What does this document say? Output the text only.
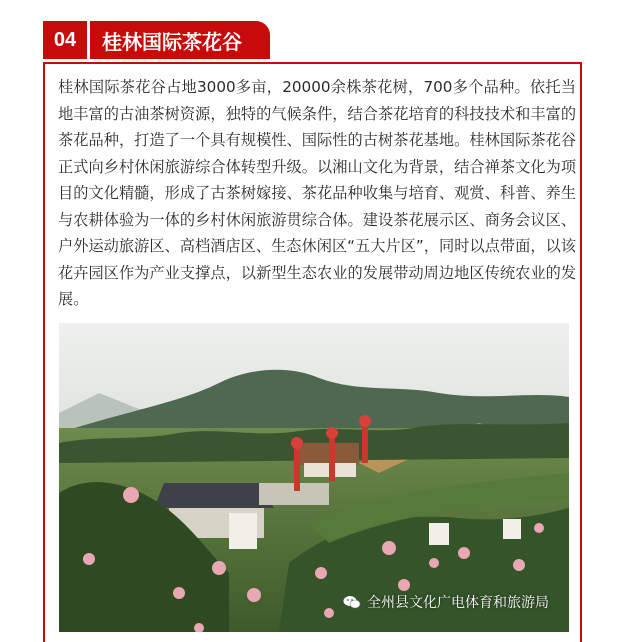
04	桂林国际茶花谷

桂林国际茶花谷占地3000多亩，20000余株茶花树，700多个品种。依托当地丰富的古油茶树资源，独特的气候条件，结合茶花培育的科技技术和丰富的茶花品种，打造了一个具有规模性、国际性的古树茶花基地。桂林国际茶花谷正式向乡村休闲旅游综合体转型升级。以湘山文化为背景，结合禅茶文化为项目的文化精髓，形成了古茶树嫁接、茶花品种收集与培育、观赏、科普、养生与农耕体验为一体的乡村休闲旅游贯综合体。建设茶花展示区、商务会议区、户外运动旅游区、高档酒店区、生态休闲区“五大片区”，同时以点带面，以该花卉园区作为产业支撑点，以新型生态农业的发展带动周边地区传统农业的发展。

全州县文化广电体育和旅游局
